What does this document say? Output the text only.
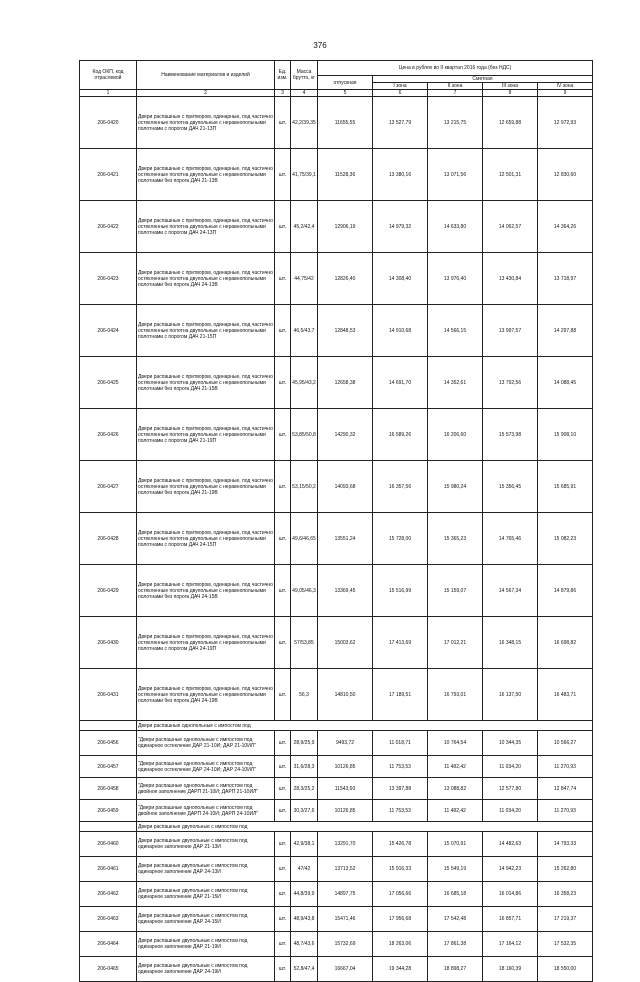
376
Код ОКП, код отраслевой	Наименование материалов и изделий	Ед. изм.	Масса брутто, кг	Цена в рублях во II квартал 2016 года (без НДС)				
				отпускная	Сметная			
					I зона	II зона	III зона	IV зона
1	2	3	4	5	6	7	8	9
206-0420	Двери распашные с притвором, одинарные, под частично остекленные полотна двупольные с неравнопольными полотнами с порогом ДАЧ 21-13П	шт.	42,2/39,35	11655,55	13 527,79	13 215,75	12 659,88	12 972,93
206-0421	Двери распашные с притвором, одинарные, под частично остекленные полотна двупольные с неравнопольными полотнами без порога ДАЧ 21-13В	шт.	41,75/39,1	11528,36	13 380,16	13 071,56	12 501,31	12 830,60
206-0422	Двери распашные с притвором, одинарные, под частично остекленные полотна двупольные с неравнопольными полотнами с порогом ДАЧ 24-13П	шт.	45,2/42,4	12906,19	14 979,32	14 633,80	14 062,57	14 364,26
206-0423	Двери распашные с притвором, одинарные, под частично остекленные полотна двупольные с неравнопольными полотнами без порога ДАЧ 24-13В	шт.	44,75/42	12826,40	14 308,40	13 976,40	13 430,84	13 718,97
206-0424	Двери распашные с притвором, одинарные, под частично остекленные полотна двупольные с неравнопольными полотнами с порогом ДАЧ 21-15П	шт.	46,5/43,7	12848,53	14 910,68	14 566,15	13 997,57	14 297,88
206-0425	Двери распашные с притвором, одинарные, под частично остекленные полотна двупольные с неравнопольными полотнами без порога ДАЧ 21-15В	шт.	45,95/43,2	12658,38	14 691,70	14 352,61	13 792,56	14 088,45
206-0426	Двери распашные с притвором, одинарные, под частично остекленные полотна двупольные с неравнопольными полотнами с порогом ДАЧ 21-19П	шт.	53,85/50,8	14290,32	16 589,26	16 206,60	15 573,98	15 908,10
206-0427	Двери распашные с притвором, одинарные, под частично остекленные полотна двупольные с неравнопольными полотнами без порога ДАЧ 21-19В	шт.	53,15/50,2	14093,68	16 357,56	15 980,24	15 356,45	15 685,91
206-0428	Двери распашные с притвором, одинарные, под частично остекленные полотна двупольные с неравнопольными полотнами с порогом ДАЧ 24-15П	шт.	49,6/46,65	13551,24	15 728,00	15 365,23	14 765,46	15 082,23
206-0429	Двери распашные с притвором, одинарные, под частично остекленные полотна двупольные с неравнопольными полотнами без порога ДАЧ 24-15В	шт.	49,05/46,3	13369,45	15 516,99	15 159,07	14 567,34	14 879,86
206-0430	Двери распашные с притвором, одинарные, под частично остекленные полотна двупольные с неравнопольными полотнами с порогом ДАЧ 24-19П	шт.	57/53,85	15003,62	17 413,69	17 012,21	16 348,15	16 698,82
206-0431	Двери распашные с притвором, одинарные, под частично остекленные полотна двупольные с неравнопольными полотнами без порога ДАЧ 24-19В	шт.	56,3	14810,50	17 189,51	16 793,01	16 137,50	16 483,71
	Двери распашные однопольные с импостом под							
206-0456	"Двери распашные однопольные с импостом под одинарное остекление ДАР 21-10И; ДАР 21-10ИЛ"	шт.	28,9/25,9	9493,72	11 018,71	10 764,54	10 344,35	10 566,27
206-0457	"Двери распашные однопольные с импостом под одинарное остекление ДАР 24-10И; ДАР 24-10ИЛ"	шт.	31,6/28,3	10126,85	11 753,53	11 482,42	11 034,20	11 270,93
206-0458	"Двери распашные однопольные с импостом под двойное заполнение ДАРП 21-10И; ДАРП 21-10ИЛ"	шт.	28,3/25,2	11543,60	13 397,88	13 088,82	12 577,80	12 847,74
206-0459	"Двери распашные однопольные с импостом под двойное заполнение ДАРП 24-10И; ДАРП 24-10ИЛ"	шт.	30,3/27,6	10126,85	11 753,53	11 482,42	11 034,20	11 270,93
	Двери распашные двупольные с импостом под							
206-0460	Двери распашные двупольные с импостом под одинарное заполнение ДАР 21-13И	шт.	42,9/38,1	13291,70	15 426,78	15 070,91	14 482,63	14 793,33
206-0461	Двери распашные двупольные с импостом под одинарное заполнение ДАР 24-13И	шт.	47/42	13713,52	15 916,33	15 549,19	14 942,23	15 262,80
206-0462	Двери распашные двупольные с импостом под одинарное заполнение ДАР 21-15И	шт.	44,8/39,9	14897,75	17 056,66	16 685,18	16 014,86	16 358,23
206-0463	Двери распашные двупольные с импостом под одинарное заполнение ДАР 24-15И	шт.	48,9/43,8	15471,46	17 956,68	17 542,48	16 857,71	17 219,37
206-0464	Двери распашные двупольные с импостом под одинарное заполнение ДАР 21-19И	шт.	48,7/43,6	15732,69	18 263,06	17 861,38	17 164,12	17 532,35
206-0465	Двери распашные двупольные с импостом под одинарное заполнение ДАР 24-19И	шт.	52,8/47,4	16667,04	19 344,28	18 898,27	18 160,39	18 550,00
